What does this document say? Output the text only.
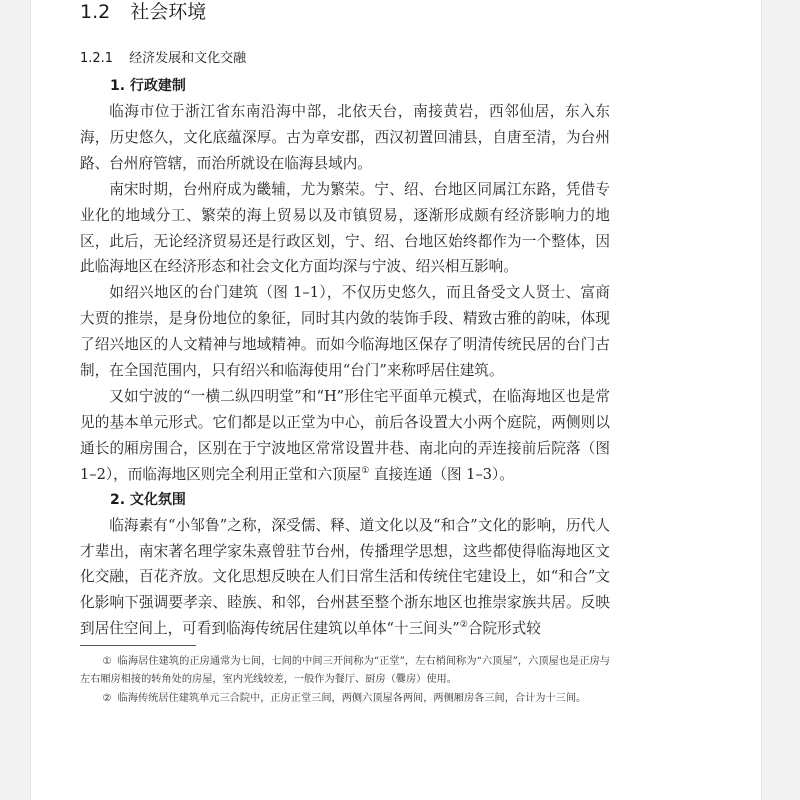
1.2 社会环境
1.2.1 经济发展和文化交融
1. 行政建制

临海市位于浙江省东南沿海中部，北依天台，南接黄岩，西邻仙居，东入东海，历史悠久，文化底蕴深厚。古为章安郡，西汉初置回浦县，自唐至清，为台州路、台州府管辖，而治所就设在临海县域内。

南宋时期，台州府成为畿辅，尤为繁荣。宁、绍、台地区同属江东路，凭借专业化的地域分工、繁荣的海上贸易以及市镇贸易，逐渐形成颇有经济影响力的地区，此后，无论经济贸易还是行政区划，宁、绍、台地区始终都作为一个整体，因此临海地区在经济形态和社会文化方面均深与宁波、绍兴相互影响。

如绍兴地区的台门建筑（图 1–1），不仅历史悠久，而且备受文人贤士、富商大贾的推崇，是身份地位的象征，同时其内敛的装饰手段、精致古雅的韵味，体现了绍兴地区的人文精神与地域精神。而如今临海地区保存了明清传统民居的台门古制，在全国范围内，只有绍兴和临海使用“台门”来称呼居住建筑。

又如宁波的“一横二纵四明堂”和“H”形住宅平面单元模式，在临海地区也是常见的基本单元形式。它们都是以正堂为中心，前后各设置大小两个庭院，两侧则以通长的厢房围合，区别在于宁波地区常常设置井巷、南北向的弄连接前后院落（图 1–2），而临海地区则完全利用正堂和六顶屋① 直接连通（图 1–3）。

2. 文化氛围

临海素有“小邹鲁”之称，深受儒、释、道文化以及“和合”文化的影响，历代人才辈出，南宋著名理学家朱熹曾驻节台州，传播理学思想，这些都使得临海地区文化交融，百花齐放。文化思想反映在人们日常生活和传统住宅建设上，如“和合”文化影响下强调要孝亲、睦族、和邻，台州甚至整个浙东地区也推崇家族共居。反映到居住空间上，可看到临海传统居住建筑以单体“十三间头”②合院形式较

① 临海居住建筑的正房通常为七间，七间的中间三开间称为“正堂”，左右梢间称为“六顶屋”，六顶屋也是正房与左右厢房相接的转角处的房屋，室内光线较差，一般作为餐厅、厨房（爨房）使用。

② 临海传统居住建筑单元三合院中，正房正堂三间，两侧六顶屋各两间，两侧厢房各三间，合计为十三间。
